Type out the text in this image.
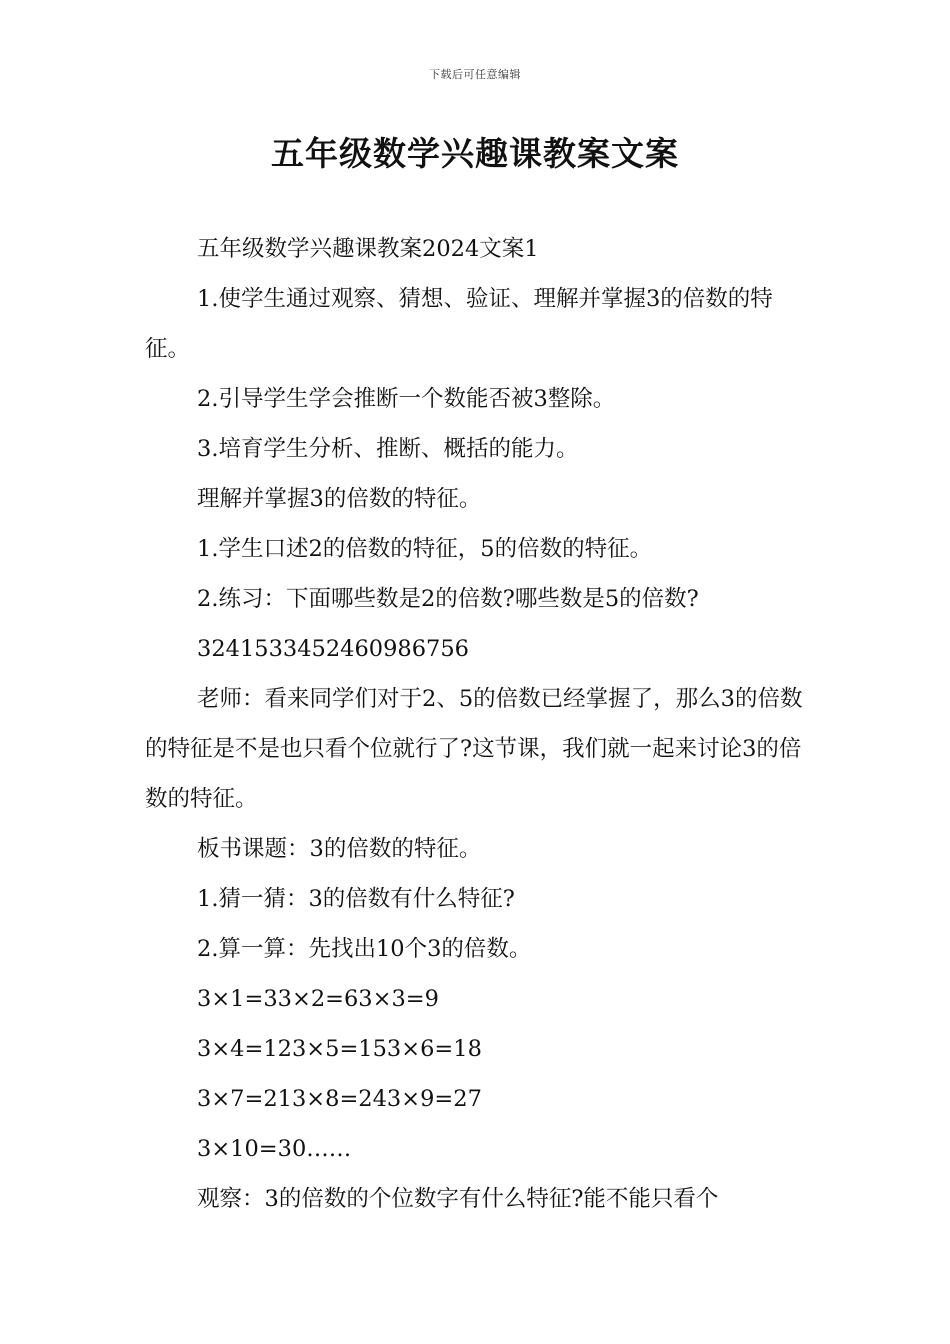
下载后可任意编辑
五年级数学兴趣课教案文案

五年级数学兴趣课教案2024文案1

1.使学生通过观察、猜想、验证、理解并掌握3的倍数的特征。

2.引导学生学会推断一个数能否被3整除。

3.培育学生分析、推断、概括的能力。

理解并掌握3的倍数的特征。

1.学生口述2的倍数的特征，5的倍数的特征。

2.练习：下面哪些数是2的倍数?哪些数是5的倍数?

3241533452460986756

老师：看来同学们对于2、5的倍数已经掌握了，那么3的倍数的特征是不是也只看个位就行了?这节课，我们就一起来讨论3的倍数的特征。

板书课题：3的倍数的特征。

1.猜一猜：3的倍数有什么特征?

2.算一算：先找出10个3的倍数。

3×1=33×2=63×3=9

3×4=123×5=153×6=18

3×7=213×8=243×9=27

3×10=30……

观察：3的倍数的个位数字有什么特征?能不能只看个
